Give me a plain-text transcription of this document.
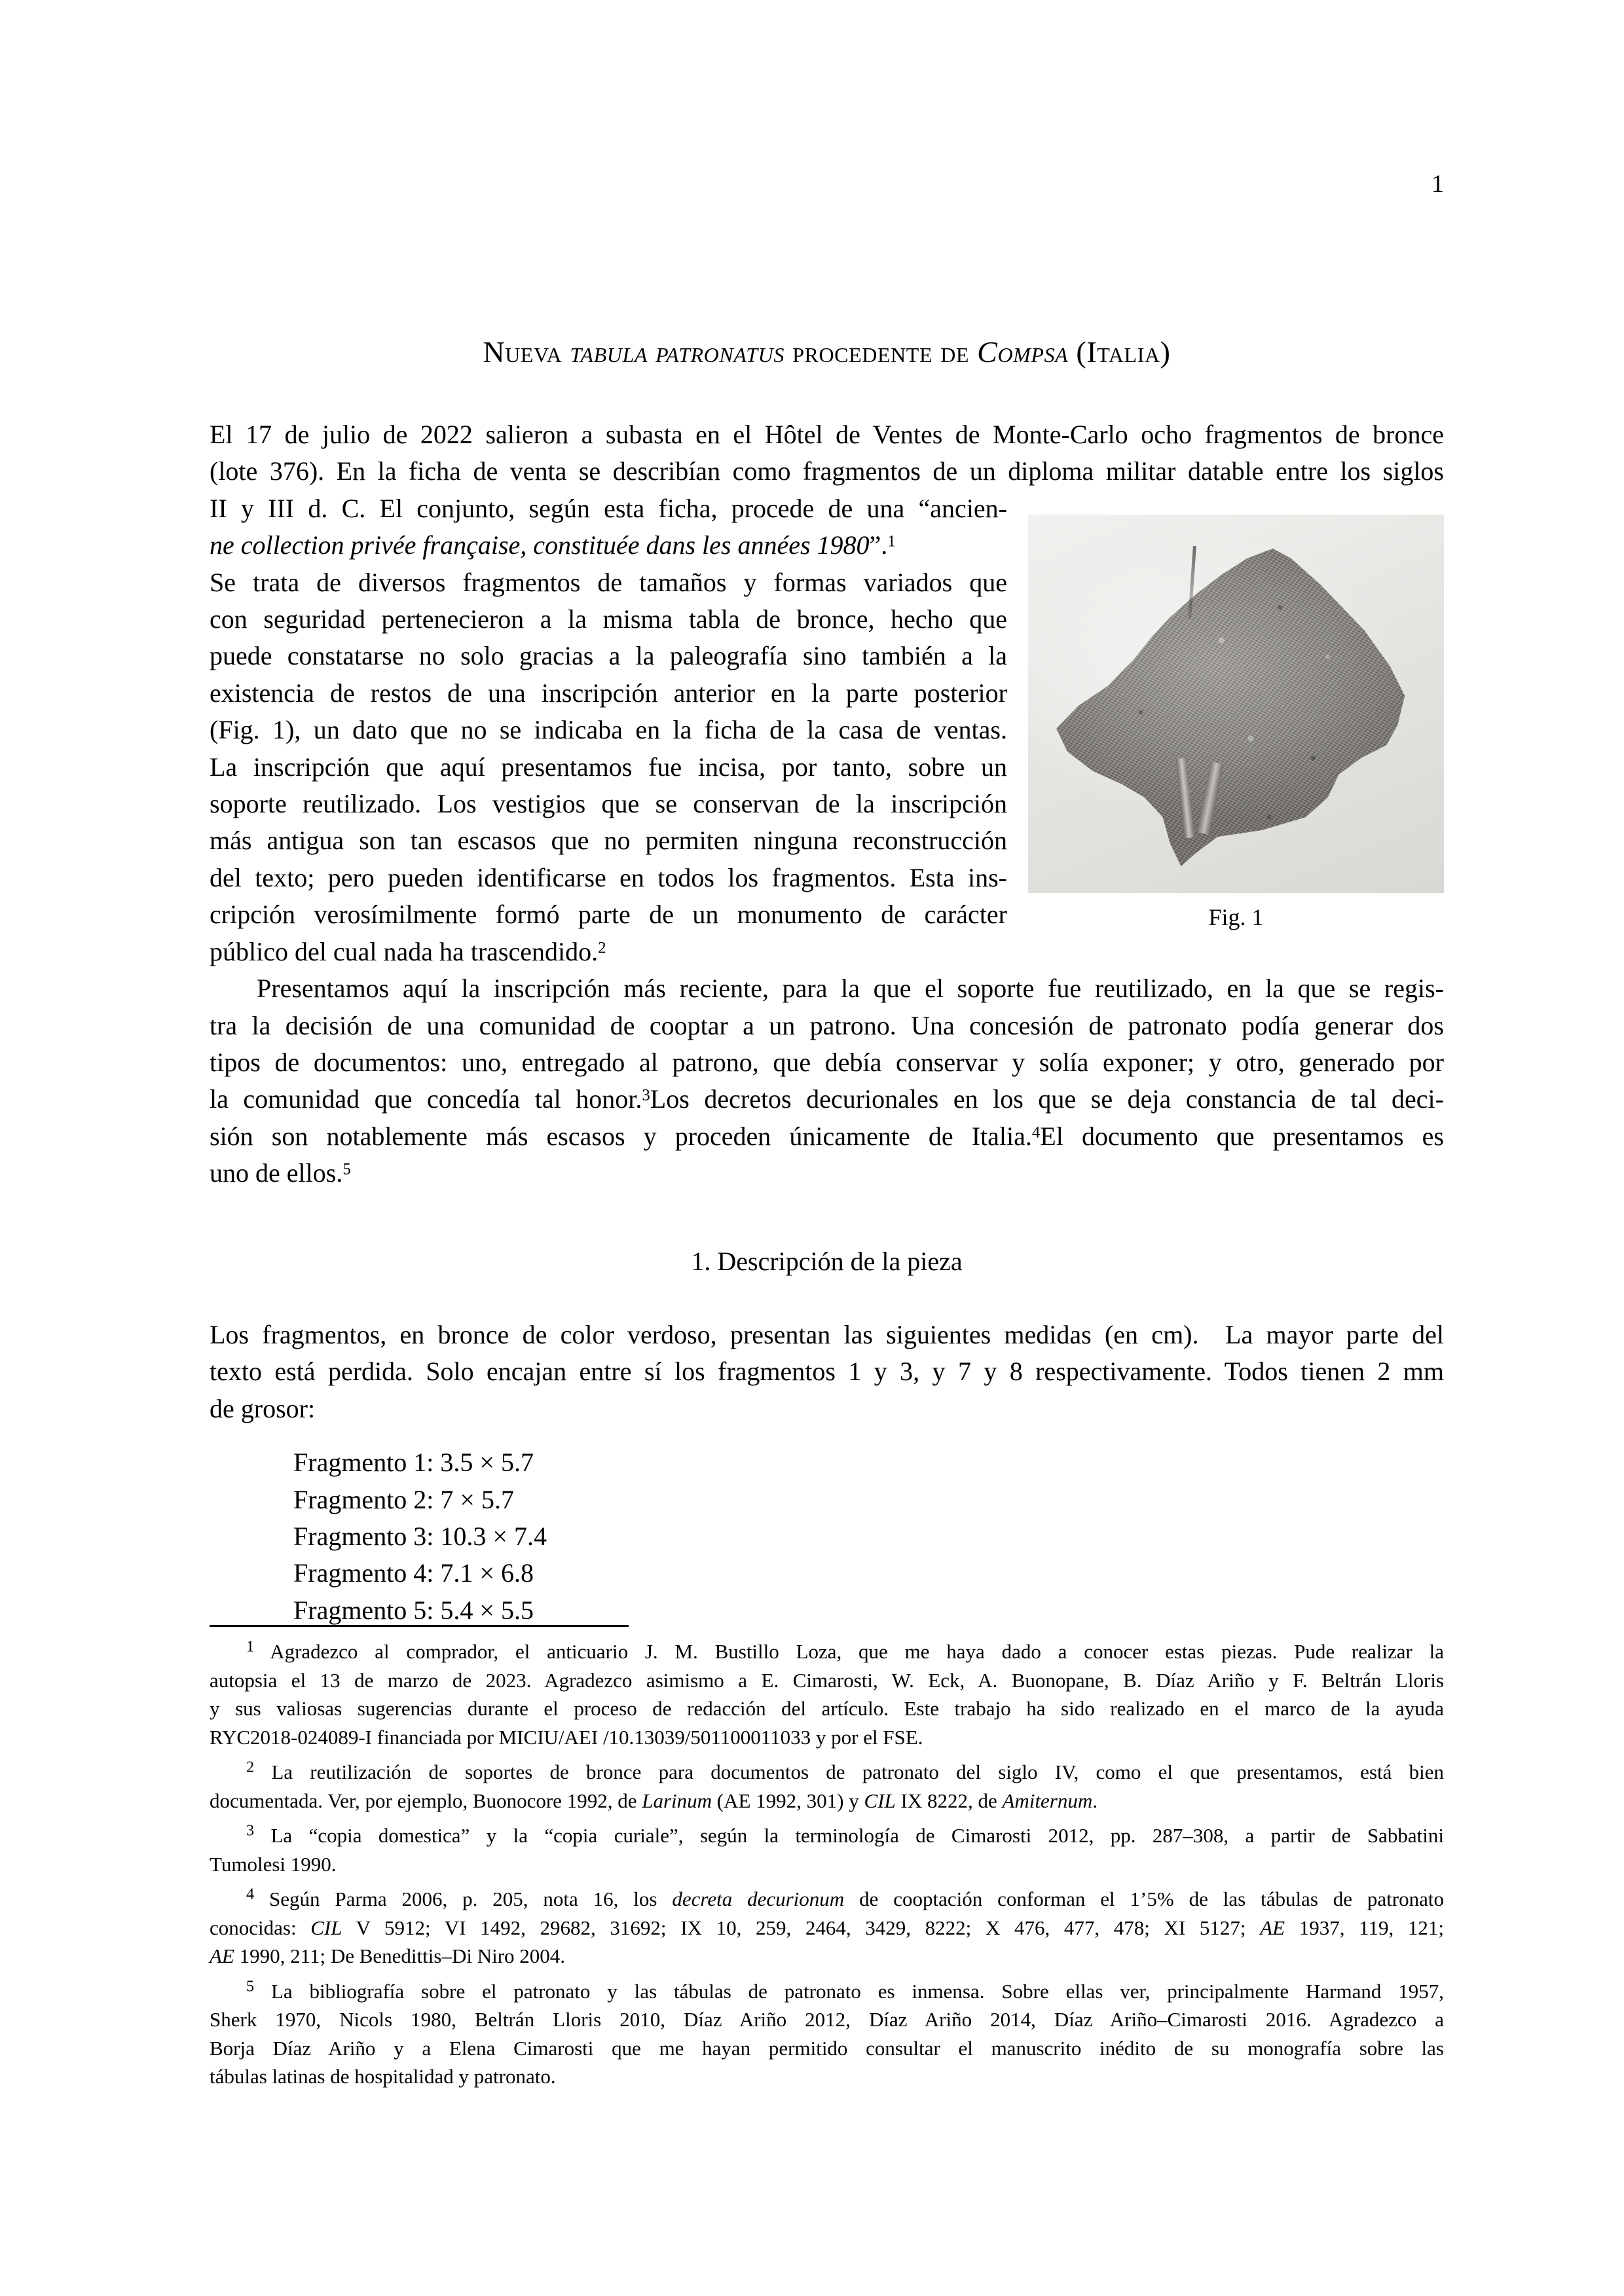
1
Nueva tabula patronatus procedente de Compsa (Italia)
Fig. 1

El 17 de julio de 2022 salieron a subasta en el Hôtel de Ventes de Monte-Carlo ocho fragmentos de bronce
(lote 376). En la ficha de venta se describían como fragmentos de un diploma militar datable entre los siglos
II y III d. C. El conjunto, según esta ficha, procede de una “ancien-
ne collection privée française, constituée dans les années 1980”.$^1$
Se trata de diversos fragmentos de tamaños y formas variados que
con seguridad pertenecieron a la misma tabla de bronce, hecho que
puede constatarse no solo gracias a la paleografía sino también a la
existencia de restos de una inscripción anterior en la parte posterior
(Fig. 1), un dato que no se indicaba en la ficha de la casa de ventas.
La inscripción que aquí presentamos fue incisa, por tanto, sobre un
soporte reutilizado. Los vestigios que se conservan de la inscripción
más antigua son tan escasos que no permiten ninguna reconstrucción
del texto; pero pueden identificarse en todos los fragmentos. Esta ins-
cripción verosímilmente formó parte de un monumento de carácter
público del cual nada ha trascendido.$^2$

Presentamos aquí la inscripción más reciente, para la que el soporte fue reutilizado, en la que se regis-
tra la decisión de una comunidad de cooptar a un patrono. Una concesión de patronato podía generar dos
tipos de documentos: uno, entregado al patrono, que debía conservar y solía exponer; y otro, generado por
la comunidad que concedía tal honor.$^3$Los decretos decurionales en los que se deja constancia de tal deci-
sión son notablemente más escasos y proceden únicamente de Italia.$^4$El documento que presentamos es
uno de ellos.$^5$

1. Descripción de la pieza

Los fragmentos, en bronce de color verdoso, presentan las siguientes medidas (en cm).  La mayor parte del
texto está perdida. Solo encajan entre sí los fragmentos 1 y 3, y 7 y 8 respectivamente. Todos tienen 2 mm
de grosor:

Fragmento 1: 3.5 × 5.7
Fragmento 2: 7 × 5.7
Fragmento 3: 10.3 × 7.4
Fragmento 4: 7.1 × 6.8
Fragmento 5: 5.4 × 5.5

$^1$ Agradezco al comprador, el anticuario J. M. Bustillo Loza, que me haya dado a conocer estas piezas. Pude realizar la
autopsia el 13 de marzo de 2023. Agradezco asimismo a E. Cimarosti, W. Eck, A. Buonopane, B. Díaz Ariño y F. Beltrán Lloris
y sus valiosas sugerencias durante el proceso de redacción del artículo. Este trabajo ha sido realizado en el marco de la ayuda
RYC2018-024089-I financiada por MICIU/AEI /10.13039/501100011033 y por el FSE.

$^2$ La reutilización de soportes de bronce para documentos de patronato del siglo IV, como el que presentamos, está bien
documentada. Ver, por ejemplo, Buonocore 1992, de Larinum (AE 1992, 301) y CIL IX 8222, de Amiternum.

$^3$ La “copia domestica” y la “copia curiale”, según la terminología de Cimarosti 2012, pp. 287–308, a partir de Sabbatini
Tumolesi 1990.

$^4$ Según Parma 2006, p. 205, nota 16, los decreta decurionum de cooptación conforman el 1’5% de las tábulas de patronato
conocidas: CIL V 5912; VI 1492, 29682, 31692; IX 10, 259, 2464, 3429, 8222; X 476, 477, 478; XI 5127; AE 1937, 119, 121;
AE 1990, 211; De Benedittis–Di Niro 2004.

$^5$ La bibliografía sobre el patronato y las tábulas de patronato es inmensa. Sobre ellas ver, principalmente Harmand 1957,
Sherk 1970, Nicols 1980, Beltrán Lloris 2010, Díaz Ariño 2012, Díaz Ariño 2014, Díaz Ariño–Cimarosti 2016. Agradezco a
Borja Díaz Ariño y a Elena Cimarosti que me hayan permitido consultar el manuscrito inédito de su monografía sobre las
tábulas latinas de hospitalidad y patronato.
